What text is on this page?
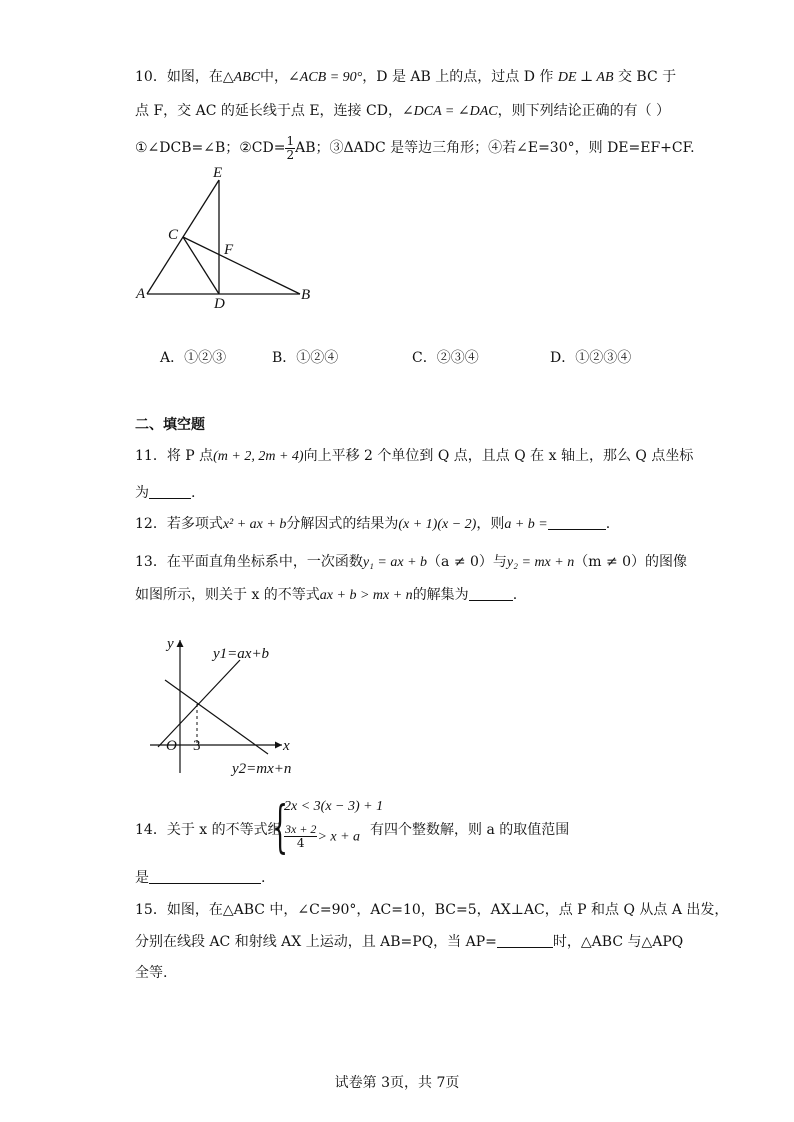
10．如图，在△ABC中，∠ACB = 90°，D 是 AB 上的点，过点 D 作 DE ⊥ AB 交 BC 于
点 F，交 AC 的延长线于点 E，连接 CD，∠DCA = ∠DAC，则下列结论正确的有（ ）
①∠DCB=∠B；②CD= $\frac{1}{2}$ AB；③ΔADC 是等边三角形；④若∠E=30°，则 DE=EF+CF.
E
C
F
A
D
B
A．①②③	B．①②④	C．②③④	D．①②③④
二、填空题
11．将 P 点(m + 2, 2m + 4)向上平移 2 个单位到 Q 点，且点 Q 在 x 轴上，那么 Q 点坐标
为	.
12．若多项式x² + ax + b分解因式的结果为(x + 1)(x − 2)，则a + b =	.
13．在平面直角坐标系中，一次函数y₁ = ax + b（a ≠ 0）与y₂ = mx + n（m ≠ 0）的图像
如图所示，则关于 x 的不等式ax + b > mx + n的解集为	.
y
x
O 3
y1=ax+b
y2=mx+n
14．关于 x 的不等式组
{
2x < 3(x − 3) + 1
$\frac{3x + 2}{4} > x + a$ 有四个整数解，则 a 的取值范围
是	.
15．如图，在△ABC 中，∠C=90°，AC=10，BC=5，AX⊥AC，点 P 和点 Q 从点 A 出发，
分别在线段 AC 和射线 AX 上运动，且 AB=PQ，当 AP=	时，△ABC 与△APQ
全等.
试卷第 3页，共 7页
